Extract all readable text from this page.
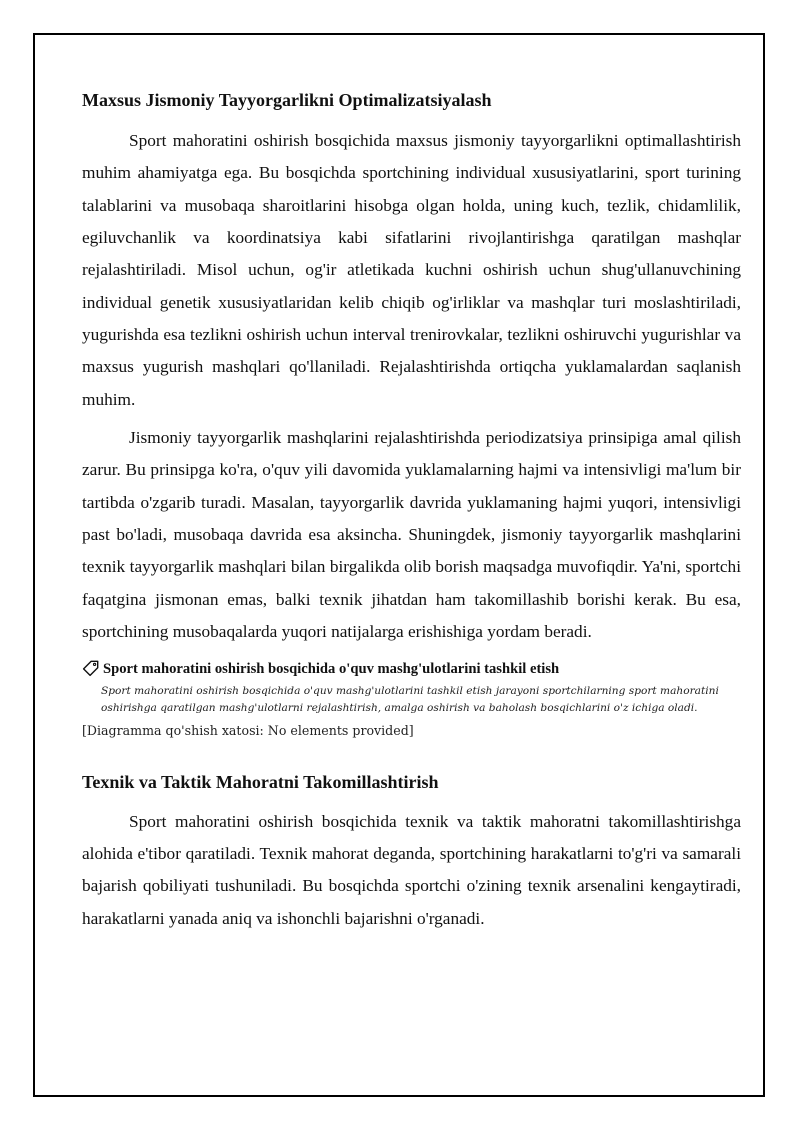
Maxsus Jismoniy Tayyorgarlikni Optimalizatsiyalash

Sport mahoratini oshirish bosqichida maxsus jismoniy tayyorgarlikni optimallashtirish muhim ahamiyatga ega. Bu bosqichda sportchining individual xususiyatlarini, sport turining talablarini va musobaqa sharoitlarini hisobga olgan holda, uning kuch, tezlik, chidamlilik, egiluvchanlik va koordinatsiya kabi sifatlarini rivojlantirishga qaratilgan mashqlar rejalashtiriladi. Misol uchun, og'ir atletikada kuchni oshirish uchun shug'ullanuvchining individual genetik xususiyatlaridan kelib chiqib og'irliklar va mashqlar turi moslashtiriladi, yugurishda esa tezlikni oshirish uchun interval trenirovkalar, tezlikni oshiruvchi yugurishlar va maxsus yugurish mashqlari qo'llaniladi. Rejalashtirishda ortiqcha yuklamalardan saqlanish muhim.

Jismoniy tayyorgarlik mashqlarini rejalashtirishda periodizatsiya prinsipiga amal qilish zarur. Bu prinsipga ko'ra, o'quv yili davomida yuklamalarning hajmi va intensivligi ma'lum bir tartibda o'zgarib turadi. Masalan, tayyorgarlik davrida yuklamaning hajmi yuqori, intensivligi past bo'ladi, musobaqa davrida esa aksincha. Shuningdek, jismoniy tayyorgarlik mashqlarini texnik tayyorgarlik mashqlari bilan birgalikda olib borish maqsadga muvofiqdir. Ya'ni, sportchi faqatgina jismonan emas, balki texnik jihatdan ham takomillashib borishi kerak. Bu esa, sportchining musobaqalarda yuqori natijalarga erishishiga yordam beradi.

Sport mahoratini oshirish bosqichida o'quv mashg'ulotlarini tashkil etish
Sport mahoratini oshirish bosqichida o'quv mashg'ulotlarini tashkil etish jarayoni sportchilarning sport mahoratini oshirishga qaratilgan mashg'ulotlarni rejalashtirish, amalga oshirish va baholash bosqichlarini o'z ichiga oladi.
[Diagramma qo'shish xatosi: No elements provided]
Texnik va Taktik Mahoratni Takomillashtirish

Sport mahoratini oshirish bosqichida texnik va taktik mahoratni takomillashtirishga alohida e'tibor qaratiladi. Texnik mahorat deganda, sportchining harakatlarni to'g'ri va samarali bajarish qobiliyati tushuniladi. Bu bosqichda sportchi o'zining texnik arsenalini kengaytiradi, harakatlarni yanada aniq va ishonchli bajarishni o'rganadi.
